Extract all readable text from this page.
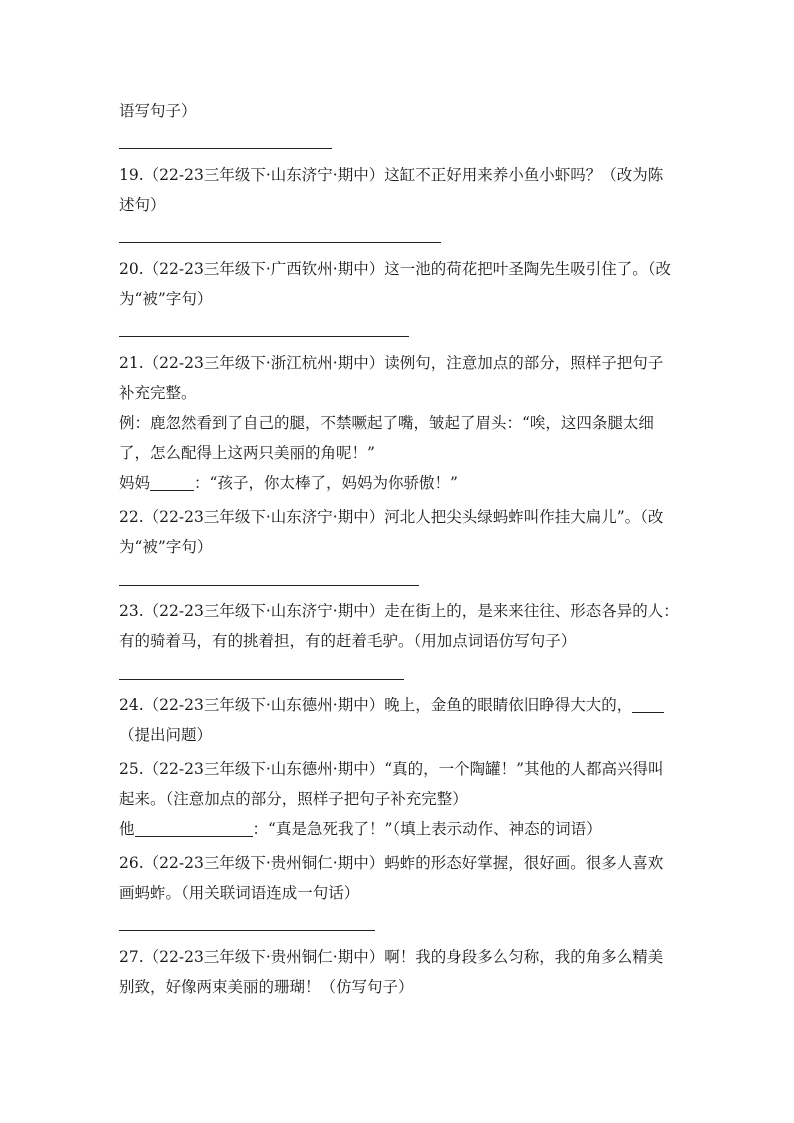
语写句子）
19.（22-23三年级下·山东济宁·期中）这缸不正好用来养小鱼小虾吗？（改为陈
述句）
20.（22-23三年级下·广西钦州·期中）这一池的荷花把叶圣陶先生吸引住了。（改
为“被”字句）
21.（22-23三年级下·浙江杭州·期中）读例句，注意加点的部分，照样子把句子
补充完整。
例：鹿忽然看到了自己的腿，不禁噘起了嘴，皱起了眉头：“唉，这四条腿太细
了，怎么配得上这两只美丽的角呢！”
妈妈	：“孩子，你太棒了，妈妈为你骄傲！”
22.（22-23三年级下·山东济宁·期中）河北人把尖头绿蚂蚱叫作挂大扁儿”。（改
为“被”字句）
23.（22-23三年级下·山东济宁·期中）走在街上的，是来来往往、形态各异的人：
有的骑着马，有的挑着担，有的赶着毛驴。（用加点词语仿写句子）
24.（22-23三年级下·山东德州·期中）晚上，金鱼的眼睛依旧睁得大大的，
（提出问题）
25.（22-23三年级下·山东德州·期中）“真的，一个陶罐！”其他的人都高兴得叫
起来。（注意加点的部分，照样子把句子补充完整）
他	：“真是急死我了！”（填上表示动作、神态的词语）
26.（22-23三年级下·贵州铜仁·期中）蚂蚱的形态好掌握，很好画。很多人喜欢
画蚂蚱。（用关联词语连成一句话）
27.（22-23三年级下·贵州铜仁·期中）啊！我的身段多么匀称，我的角多么精美
别致，好像两束美丽的珊瑚！（仿写句子）
